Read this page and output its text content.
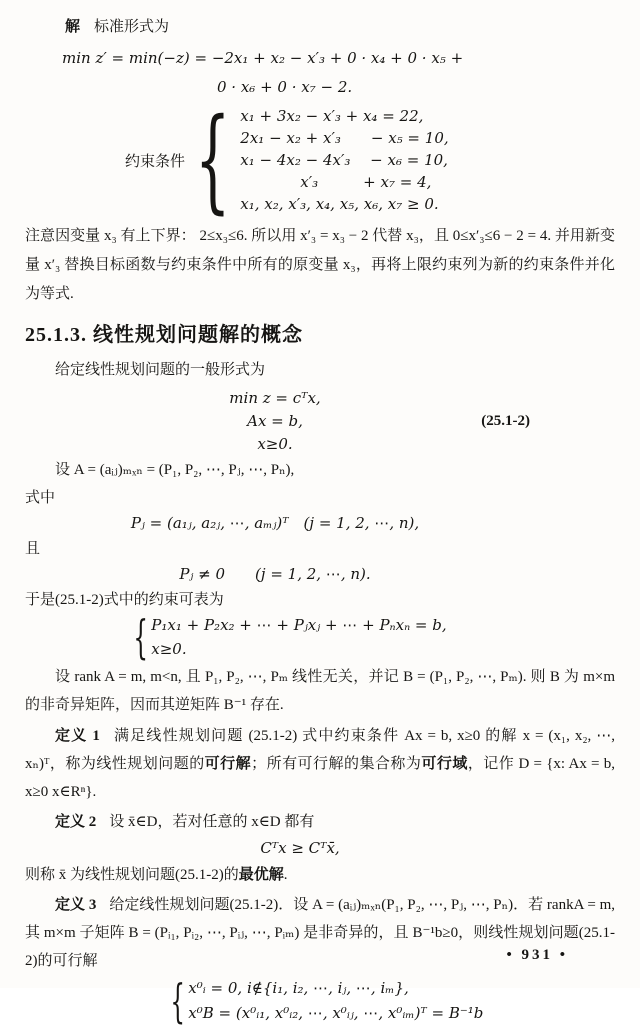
解 标准形式为

min z′ = min(−z) = −2x₁ + x₂ − x′₃ + 0 · x₄ + 0 · x₅ +
0 · x₆ + 0 · x₇ − 2.
约束条件 { x₁ + 3x₂ − x′₃ + x₄ = 22,
2x₁ − x₂ + x′₃　　− x₅ = 10,
x₁ − 4x₂ − 4x′₃　 − x₆ = 10,
　　　　x′₃　　　+ x₇ = 4,
x₁, x₂, x′₃, x₄, x₅, x₆, x₇ ≥ 0.

注意因变量 x₃ 有上下界： 2≤x₃≤6. 所以用 x′₃ = x₃ − 2 代替 x₃，且 0≤x′₃≤6 − 2 = 4. 并用新变量 x′₃ 替换目标函数与约束条件中所有的原变量 x₃，再将上限约束列为新的约束条件并化为等式.

25.1.3. 线性规划问题解的概念

给定线性规划问题的一般形式为

min z = cᵀx,
Ax = b,	(25.1-2)
x≥0.

设 A = (aᵢⱼ)ₘₓₙ = (P₁, P₂, ⋯, Pⱼ, ⋯, Pₙ),

式中

Pⱼ = (a₁ⱼ, a₂ⱼ, ⋯, aₘⱼ)ᵀ　(j = 1, 2, ⋯, n),

且

Pⱼ ≠ 0　　(j = 1, 2, ⋯, n).

于是(25.1-2)式中的约束可表为

{ P₁x₁ + P₂x₂ + ⋯ + Pⱼxⱼ + ⋯ + Pₙxₙ = b,
x≥0.

设 rank A = m, m<n, 且 P₁, P₂, ⋯, Pₘ 线性无关，并记 B = (P₁, P₂, ⋯, Pₘ). 则 B 为 m×m 的非奇异矩阵，因而其逆矩阵 B⁻¹ 存在.

定义 1 满足线性规划问题 (25.1-2) 式中约束条件 Ax = b, x≥0 的解 x = (x₁, x₂, ⋯, xₙ)ᵀ，称为线性规划问题的可行解；所有可行解的集合称为可行域，记作 D = {x: Ax = b, x≥0 x∈Rⁿ}.

定义 2 设 x̄∈D，若对任意的 x∈D 都有

Cᵀx ≥ Cᵀx̄,

则称 x̄ 为线性规划问题(25.1-2)的最优解.

定义 3 给定线性规划问题(25.1-2)．设 A = (aᵢⱼ)ₘₓₙ(P₁, P₂, ⋯, Pⱼ, ⋯, Pₙ)．若 rankA = m, 其 m×m 子矩阵 B = (Pᵢ₁, Pᵢ₂, ⋯, Pᵢⱼ, ⋯, Pᵢₘ) 是非奇异的，且 B⁻¹b≥0，则线性规划问题(25.1-2)的可行解

{ x⁰ᵢ = 0, i∉{i₁, i₂, ⋯, iⱼ, ⋯, iₘ},
x⁰B = (x⁰ᵢ₁, x⁰ᵢ₂, ⋯, x⁰ᵢⱼ, ⋯, x⁰ᵢₘ)ᵀ = B⁻¹b
• 931 •
